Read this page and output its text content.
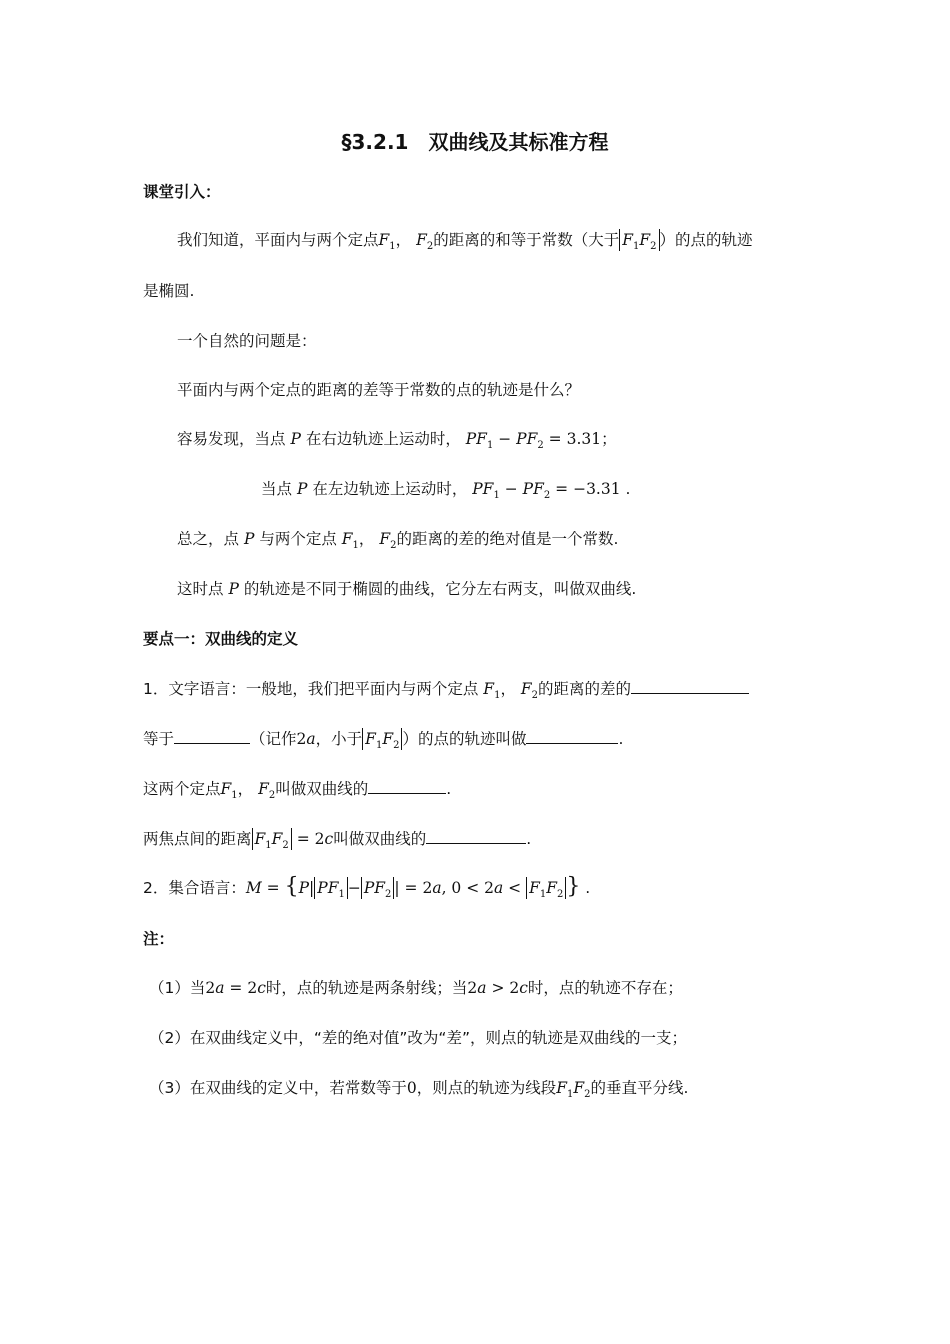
§3.2.1　双曲线及其标准方程
课堂引入：
我们知道，平面内与两个定点$F_1$， $F_2$的距离的和等于常数（大于 $F_1F_2$ ）的点的轨迹
是椭圆.
一个自然的问题是：
平面内与两个定点的距离的差等于常数的点的轨迹是什么？
容易发现，当点 P 在右边轨迹上运动时， $PF_1 - PF_2 = 3.31$；
当点 P 在左边轨迹上运动时， $PF_1 - PF_2 = -3.31$ .
总之，点 P 与两个定点 $F_1$， $F_2$的距离的差的绝对值是一个常数.
这时点 P 的轨迹是不同于椭圆的曲线，它分左右两支，叫做双曲线.
要点一：双曲线的定义
1．文字语言：一般地，我们把平面内与两个定点 $F_1$， $F_2$的距离的差的
等于	（记作2a，小于 $F_1F_2$ ）的点的轨迹叫做	.
这两个定点$F_1$， $F_2$叫做双曲线的	.
两焦点间的距离 $F_1F_2 = 2c$叫做双曲线的	.
2．集合语言：M = {P| $PF_1 - PF_2$ | = 2a, $0 < 2a < F_1F_2$ } .
注：
（1）当2a = 2c时，点的轨迹是两条射线；当2a > 2c时，点的轨迹不存在；
（2）在双曲线定义中，“差的绝对值”改为“差”，则点的轨迹是双曲线的一支；
（3）在双曲线的定义中，若常数等于0，则点的轨迹为线段$F_1F_2$的垂直平分线.
